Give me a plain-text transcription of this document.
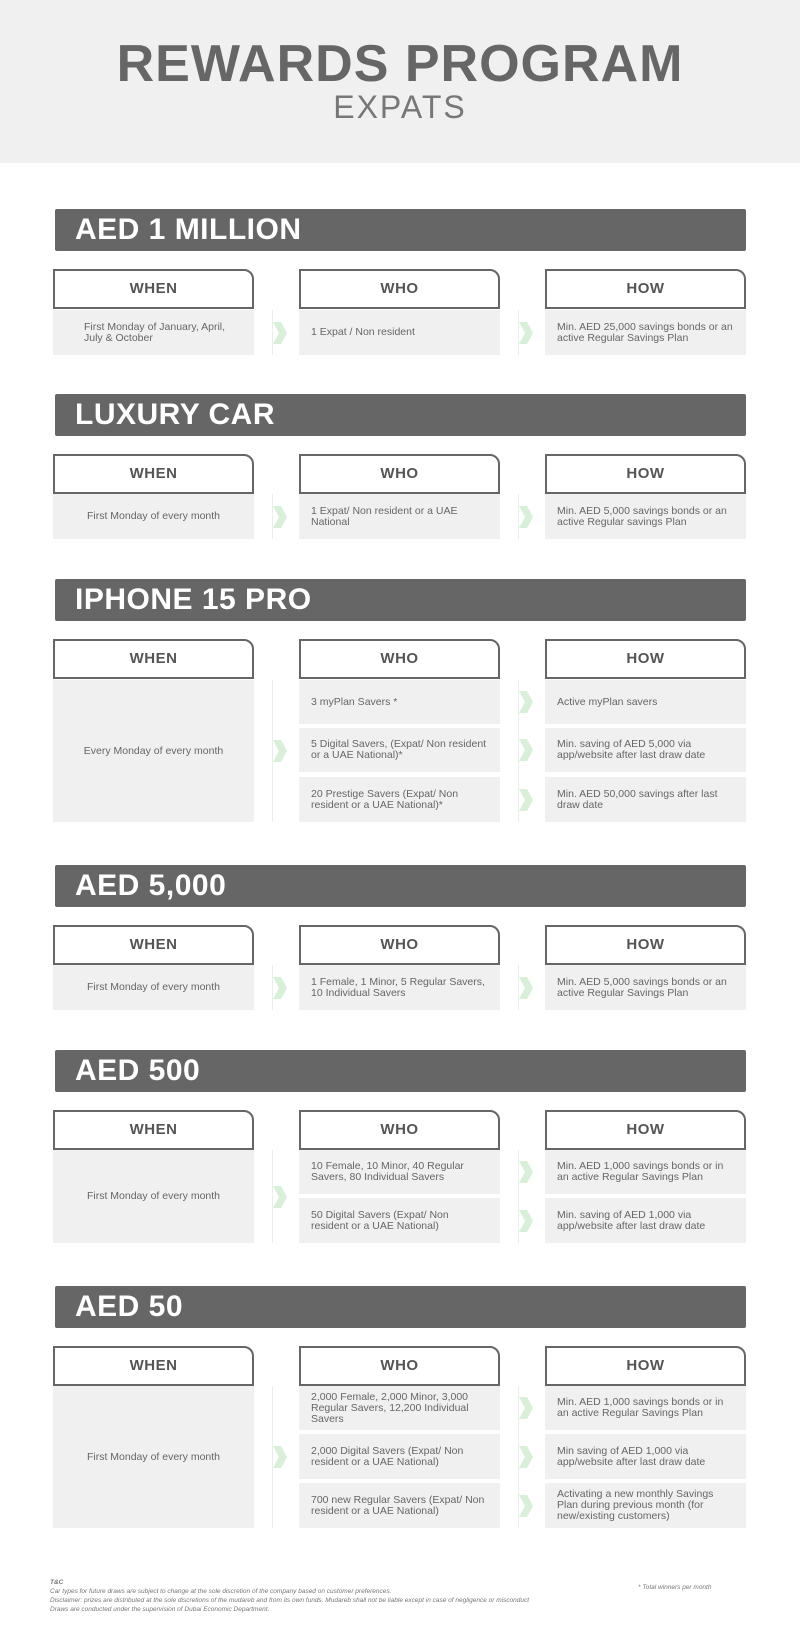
REWARDS PROGRAM
EXPATS
AED 1 MILLION
WHEN
First Monday of January, April, July & October
WHO
1 Expat / Non resident
HOW
Min. AED 25,000 savings bonds or an active Regular Savings Plan
LUXURY CAR
WHEN
First Monday of every month
WHO
1 Expat/ Non resident or a UAE National
HOW
Min. AED 5,000 savings bonds or an active Regular savings Plan
IPHONE 15 PRO
WHEN
Every Monday of every month
WHO
3 myPlan Savers *
5 Digital Savers, (Expat/ Non resident or a UAE National)*
20 Prestige Savers (Expat/ Non resident or a UAE National)*
HOW
Active myPlan savers
Min. saving of AED 5,000 via app/website after last draw date
Min. AED 50,000 savings after last draw date
AED 5,000
WHEN
First Monday of every month
WHO
1 Female, 1 Minor, 5 Regular Savers, 10 Individual Savers
HOW
Min. AED 5,000 savings bonds or an active Regular Savings Plan
AED 500
WHEN
First Monday of every month
WHO
10 Female, 10 Minor, 40 Regular Savers, 80 Individual Savers
50 Digital Savers (Expat/ Non resident or a UAE National)
HOW
Min. AED 1,000 savings bonds or in an active Regular Savings Plan
Min. saving of AED 1,000 via app/website after last draw date
AED 50
WHEN
First Monday of every month
WHO
2,000 Female, 2,000 Minor, 3,000 Regular Savers, 12,200 Individual Savers
2,000 Digital Savers (Expat/ Non resident or a UAE National)
700 new Regular Savers (Expat/ Non resident or a UAE National)
HOW
Min. AED 1,000 savings bonds or in an active Regular Savings Plan
Min saving of AED 1,000 via app/website after last draw date
Activating a new monthly Savings Plan during previous month (for new/existing customers)
T&C
Car types for future draws are subject to change at the sole discretion of the company based on customer preferences.
Disclaimer: prizes are distributed at the sole discretions of the mudareb and from its own funds. Mudareb shall not be liable except in case of negligence or misconduct
Draws are conducted under the supervision of Dubai Economic Department.
* Total winners per month
